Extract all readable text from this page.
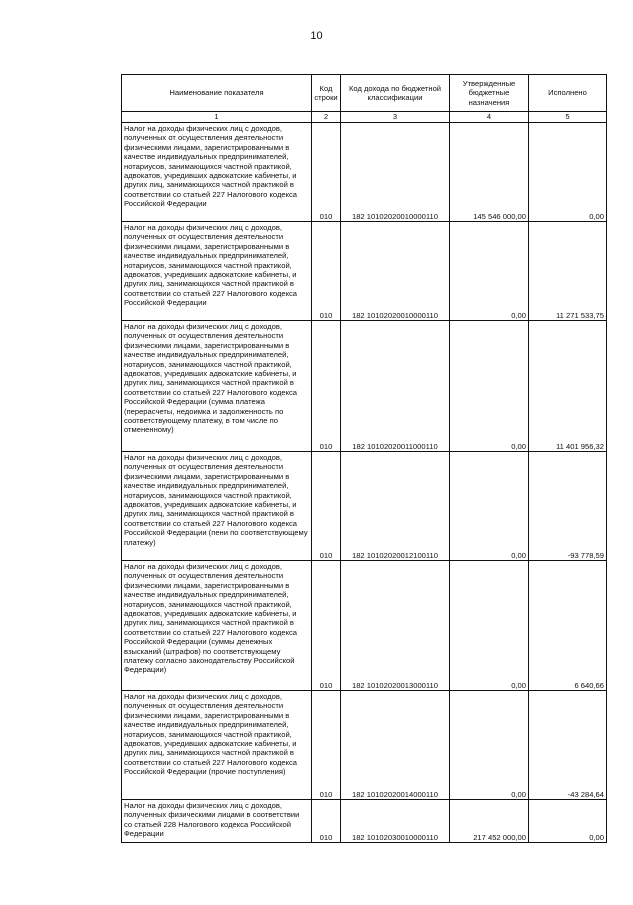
10
Наименование показателя	Код строки	Код дохода по бюджетной классификации	Утвержденные бюджетные назначения	Исполнено
1	2	3	4	5
Налог на доходы физических лиц с доходов, полученных от осуществления деятельности физическими лицами, зарегистрированными в качестве индивидуальных предпринимателей, нотариусов, занимающихся частной практикой, адвокатов, учредивших адвокатские кабинеты, и других лиц, занимающихся частной практикой в соответствии со статьей 227 Налогового кодекса Российской Федерации	010	182 10102020010000110	145 546 000,00	0,00
Налог на доходы физических лиц с доходов, полученных от осуществления деятельности физическими лицами, зарегистрированными в качестве индивидуальных предпринимателей, нотариусов, занимающихся частной практикой, адвокатов, учредивших адвокатские кабинеты, и других лиц, занимающихся частной практикой в соответствии со статьей 227 Налогового кодекса Российской Федерации	010	182 10102020010000110	0,00	11 271 533,75
Налог на доходы физических лиц с доходов, полученных от осуществления деятельности физическими лицами, зарегистрированными в качестве индивидуальных предпринимателей, нотариусов, занимающихся частной практикой, адвокатов, учредивших адвокатские кабинеты, и других лиц, занимающихся частной практикой в соответствии со статьей 227 Налогового кодекса Российской Федерации (сумма платежа (перерасчеты, недоимка и задолженность по соответствующему платежу, в том числе по отмененному)	010	182 10102020011000110	0,00	11 401 956,32
Налог на доходы физических лиц с доходов, полученных от осуществления деятельности физическими лицами, зарегистрированными в качестве индивидуальных предпринимателей, нотариусов, занимающихся частной практикой, адвокатов, учредивших адвокатские кабинеты, и других лиц, занимающихся частной практикой в соответствии со статьей 227 Налогового кодекса Российской Федерации (пени по соответствующему платежу)	010	182 10102020012100110	0,00	-93 778,59
Налог на доходы физических лиц с доходов, полученных от осуществления деятельности физическими лицами, зарегистрированными в качестве индивидуальных предпринимателей, нотариусов, занимающихся частной практикой, адвокатов, учредивших адвокатские кабинеты, и других лиц, занимающихся частной практикой в соответствии со статьей 227 Налогового кодекса Российской Федерации (суммы денежных взысканий (штрафов) по соответствующему платежу согласно законодательству Российской Федерации)	010	182 10102020013000110	0,00	6 640,66
Налог на доходы физических лиц с доходов, полученных от осуществления деятельности физическими лицами, зарегистрированными в качестве индивидуальных предпринимателей, нотариусов, занимающихся частной практикой, адвокатов, учредивших адвокатские кабинеты, и других лиц, занимающихся частной практикой в соответствии со статьей 227 Налогового кодекса Российской Федерации (прочие поступления)	010	182 10102020014000110	0,00	-43 284,64
Налог на доходы физических лиц с доходов, полученных физическими лицами в соответствии со статьей 228 Налогового кодекса Российской Федерации	010	182 10102030010000110	217 452 000,00	0,00
